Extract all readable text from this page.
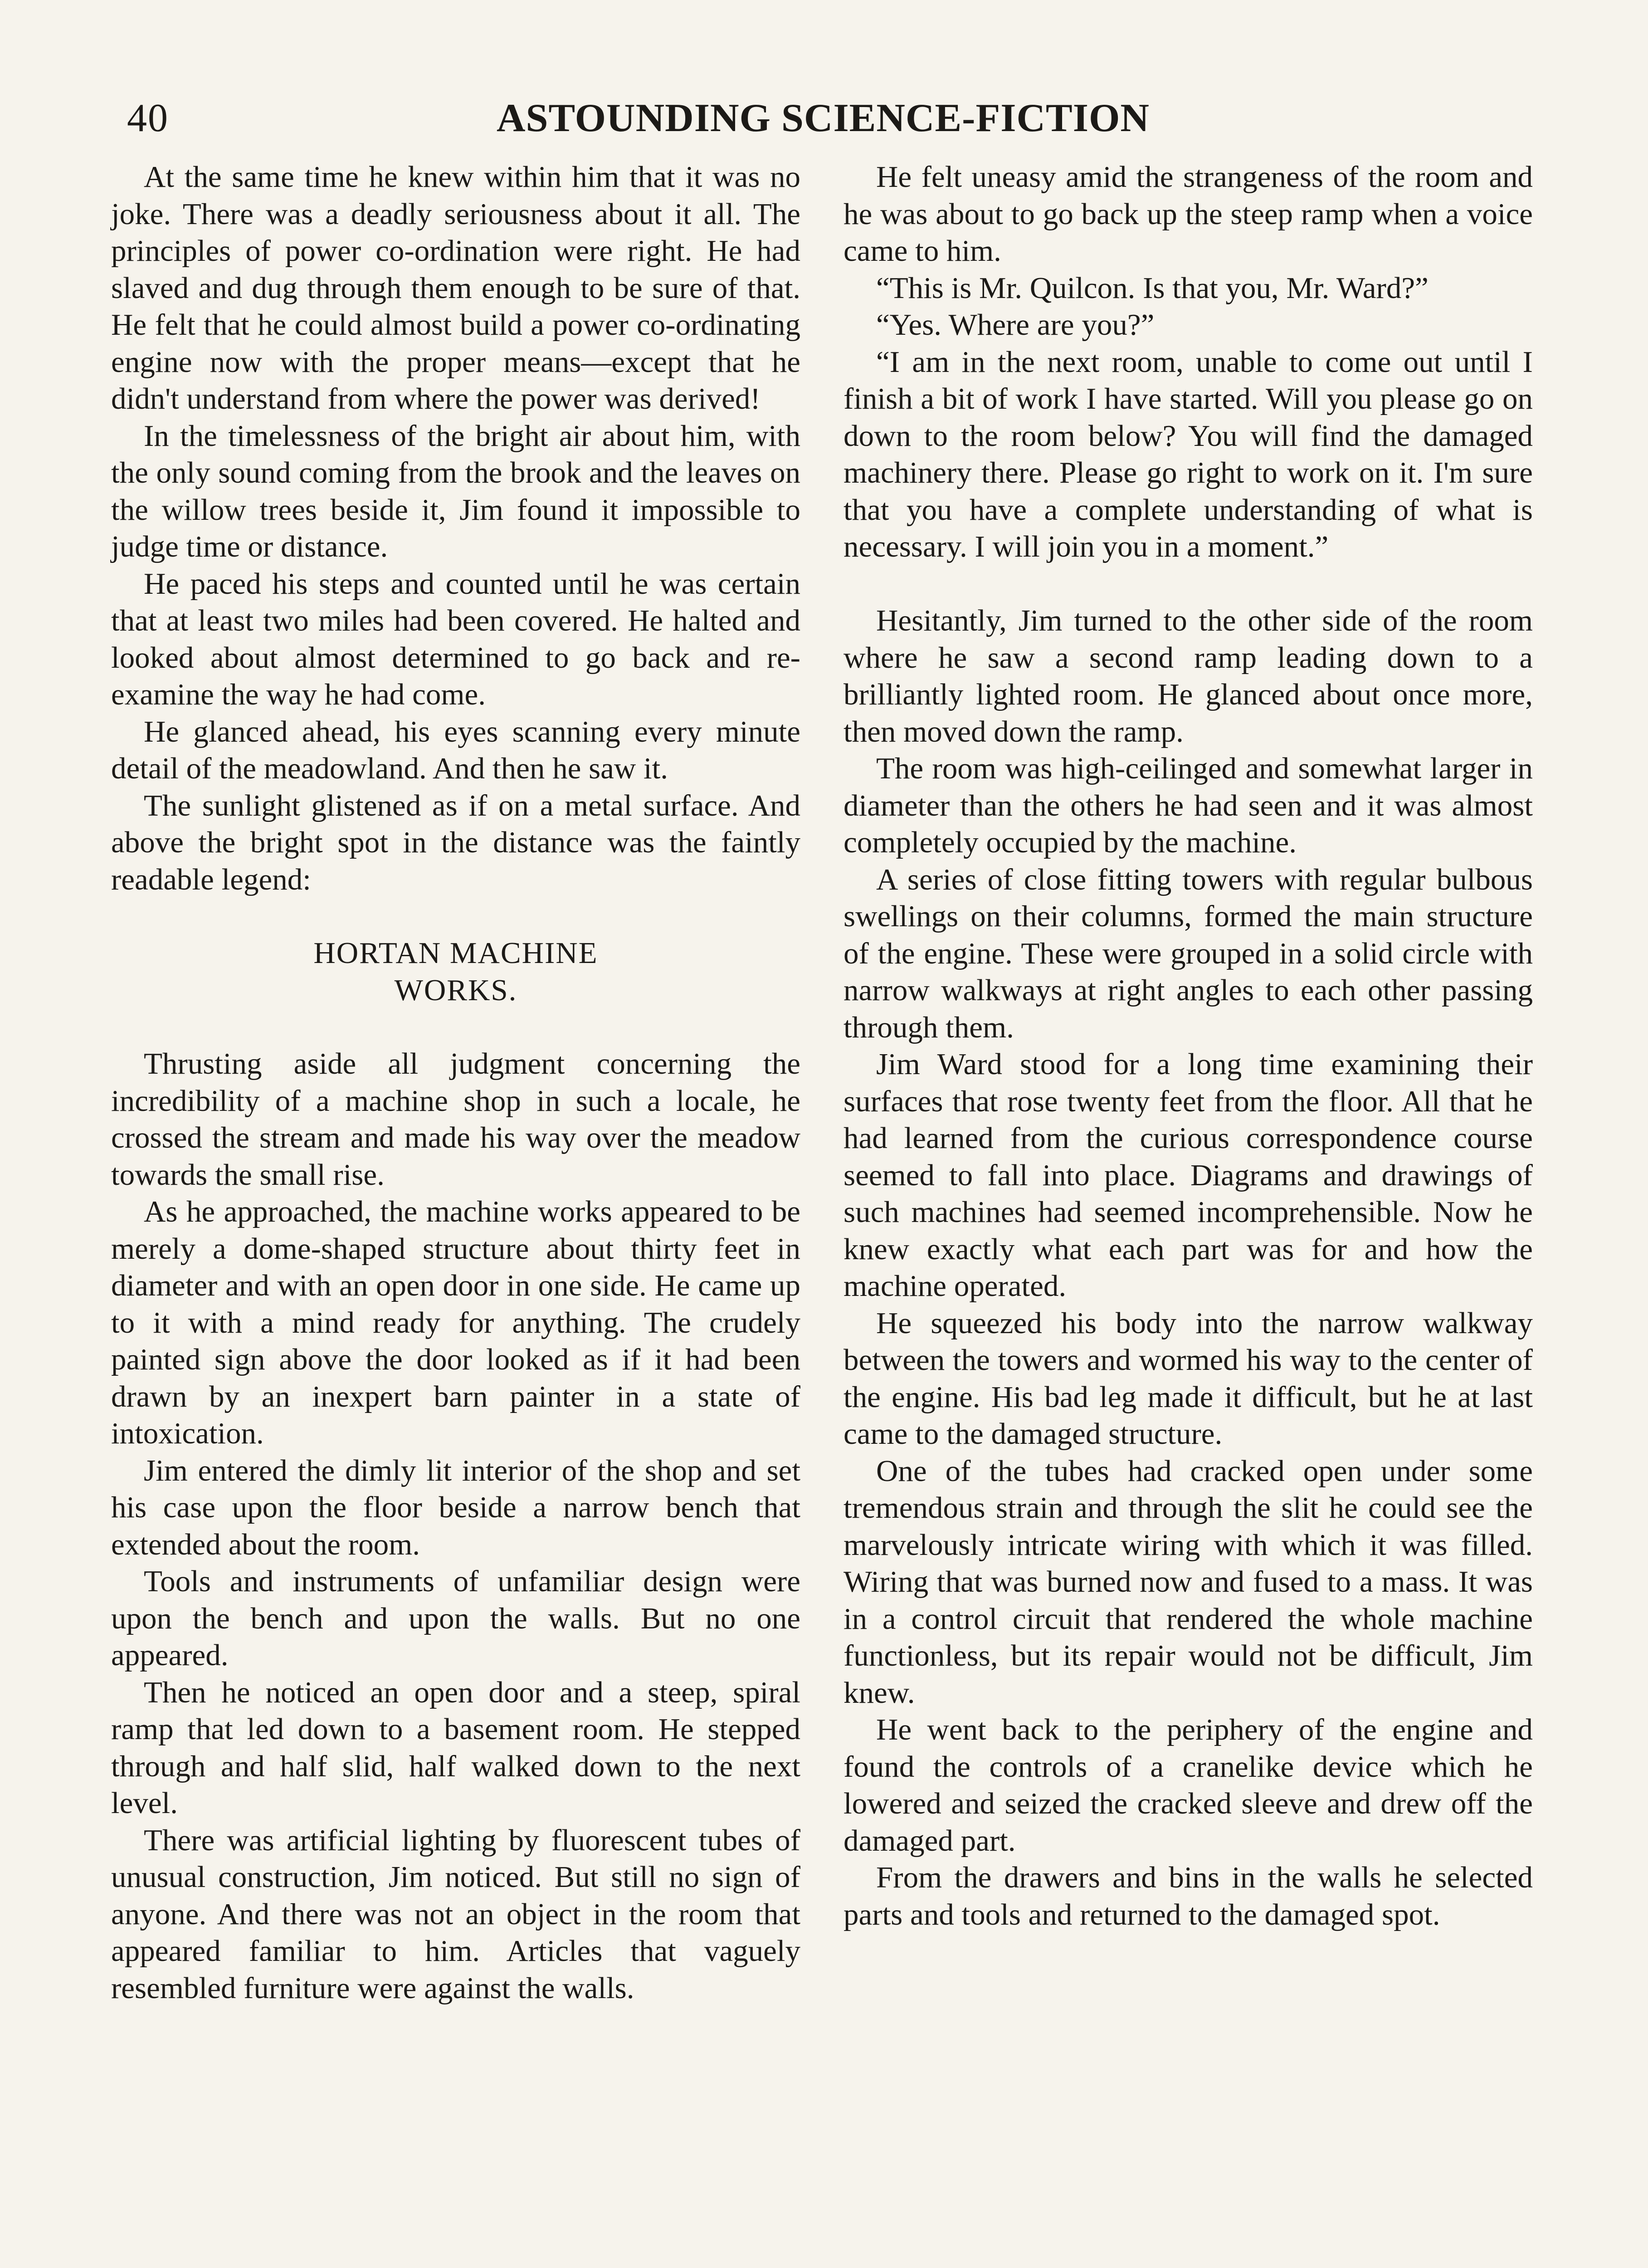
40	ASTOUNDING SCIENCE-FICTION

At the same time he knew within him that it was no joke. There was a deadly seriousness about it all. The principles of power co-ordination were right. He had slaved and dug through them enough to be sure of that. He felt that he could almost build a power co-ordinating engine now with the proper means—except that he didn't understand from where the power was derived!

In the timelessness of the bright air about him, with the only sound coming from the brook and the leaves on the willow trees beside it, Jim found it impossible to judge time or distance.

He paced his steps and counted until he was certain that at least two miles had been covered. He halted and looked about almost determined to go back and re-examine the way he had come.

He glanced ahead, his eyes scanning every minute detail of the meadowland. And then he saw it.

The sunlight glistened as if on a metal surface. And above the bright spot in the distance was the faintly readable legend:

HORTAN MACHINE
WORKS.

Thrusting aside all judgment concerning the incredibility of a machine shop in such a locale, he crossed the stream and made his way over the meadow towards the small rise.

As he approached, the machine works appeared to be merely a dome-shaped structure about thirty feet in diameter and with an open door in one side. He came up to it with a mind ready for anything. The crudely painted sign above the door looked as if it had been drawn by an inexpert barn painter in a state of intoxication.

Jim entered the dimly lit interior of the shop and set his case upon the floor beside a narrow bench that extended about the room.

Tools and instruments of unfamiliar design were upon the bench and upon the walls. But no one appeared.

Then he noticed an open door and a steep, spiral ramp that led down to a basement room. He stepped through and half slid, half walked down to the next level.

There was artificial lighting by fluorescent tubes of unusual construction, Jim noticed. But still no sign of anyone. And there was not an object in the room that appeared familiar to him. Articles that vaguely resembled furniture were against the walls.

He felt uneasy amid the strangeness of the room and he was about to go back up the steep ramp when a voice came to him.

“This is Mr. Quilcon. Is that you, Mr. Ward?”

“Yes. Where are you?”

“I am in the next room, unable to come out until I finish a bit of work I have started. Will you please go on down to the room below? You will find the damaged machinery there. Please go right to work on it. I'm sure that you have a complete understanding of what is necessary. I will join you in a moment.”

Hesitantly, Jim turned to the other side of the room where he saw a second ramp leading down to a brilliantly lighted room. He glanced about once more, then moved down the ramp.

The room was high-ceilinged and somewhat larger in diameter than the others he had seen and it was almost completely occupied by the machine.

A series of close fitting towers with regular bulbous swellings on their columns, formed the main structure of the engine. These were grouped in a solid circle with narrow walkways at right angles to each other passing through them.

Jim Ward stood for a long time examining their surfaces that rose twenty feet from the floor. All that he had learned from the curious correspondence course seemed to fall into place. Diagrams and drawings of such machines had seemed incomprehensible. Now he knew exactly what each part was for and how the machine operated.

He squeezed his body into the narrow walkway between the towers and wormed his way to the center of the engine. His bad leg made it difficult, but he at last came to the damaged structure.

One of the tubes had cracked open under some tremendous strain and through the slit he could see the marvelously intricate wiring with which it was filled. Wiring that was burned now and fused to a mass. It was in a control circuit that rendered the whole machine functionless, but its repair would not be difficult, Jim knew.

He went back to the periphery of the engine and found the controls of a cranelike device which he lowered and seized the cracked sleeve and drew off the damaged part.

From the drawers and bins in the walls he selected parts and tools and returned to the damaged spot.
